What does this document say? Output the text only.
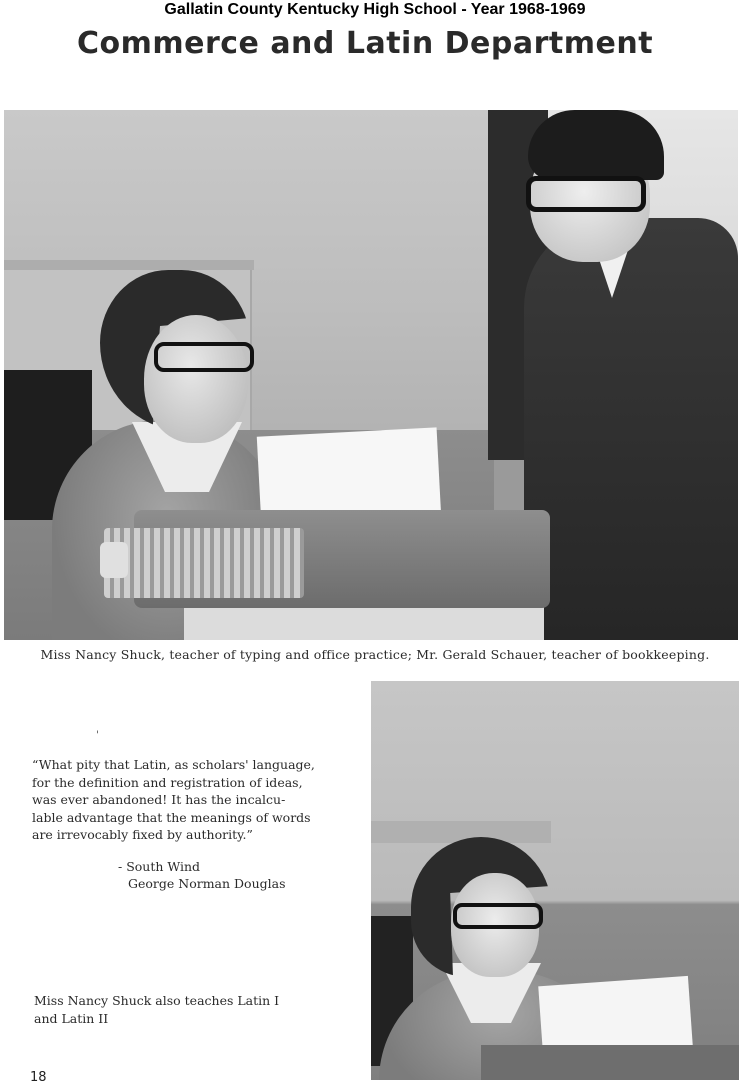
Gallatin County Kentucky High School - Year 1968-1969
Commerce and Latin Department
Miss Nancy Shuck, teacher of typing and office practice; Mr. Gerald Schauer, teacher of bookkeeping.
'
“What pity that Latin, as scholars' language,
for the definition and registration of ideas,
was ever abandoned! It has the incalcu-
lable advantage that the meanings of words
are irrevocably fixed by authority.”
- South Wind
George Norman Douglas
Miss Nancy Shuck also teaches Latin I
and Latin II
18
